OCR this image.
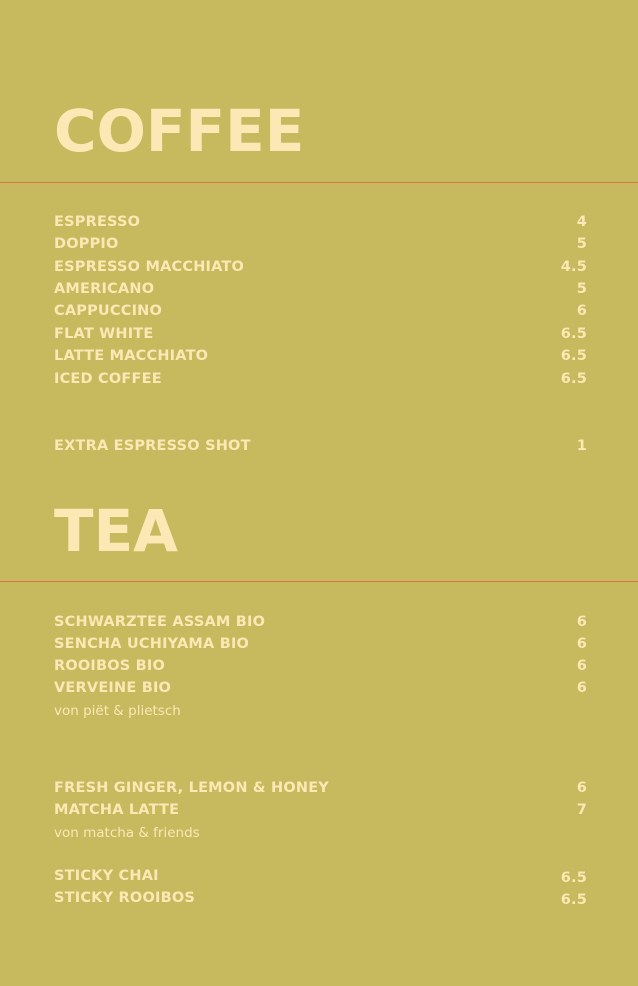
COFFEE
ESPRESSO	4
DOPPIO	5
ESPRESSO MACCHIATO	4.5
AMERICANO	5
CAPPUCCINO	6
FLAT WHITE	6.5
LATTE MACCHIATO	6.5
ICED COFFEE	6.5
EXTRA ESPRESSO SHOT	1
TEA
SCHWARZTEE ASSAM BIO	6
SENCHA UCHIYAMA BIO	6
ROOIBOS BIO	6
VERVEINE BIO	6
von piët & plietsch
FRESH GINGER, LEMON & HONEY	6
MATCHA LATTE	7
von matcha & friends
STICKY CHAI	6.5
STICKY ROOIBOS	6.5
